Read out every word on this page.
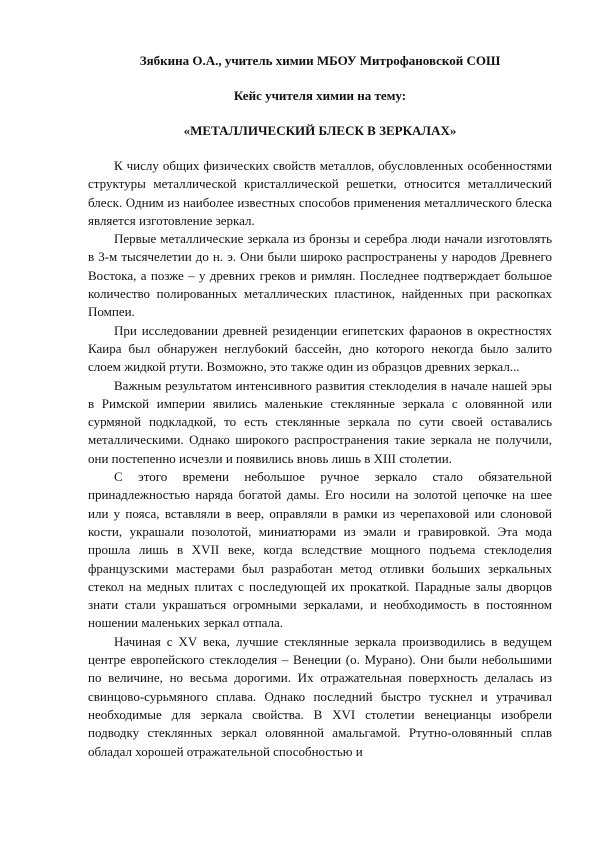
Зябкина О.А., учитель химии МБОУ Митрофановской СОШ

Кейс учителя химии на тему:

«МЕТАЛЛИЧЕСКИЙ БЛЕСК В ЗЕРКАЛАХ»

К числу общих физических свойств металлов, обусловленных особенностями структуры металлической кристаллической решетки, относится металлический блеск. Одним из наиболее известных способов применения металлического блеска является изготовление зеркал.

Первые металлические зеркала из бронзы и серебра люди начали изготовлять в 3-м тысячелетии до н. э. Они были широко распространены у народов Древнего Востока, а позже – у древних греков и римлян. Последнее подтверждает большое количество полированных металлических пластинок, найденных при раскопках Помпеи.

При исследовании древней резиденции египетских фараонов в окрестностях Каира был обнаружен неглубокий бассейн, дно которого некогда было залито слоем жидкой ртути. Возможно, это также один из образцов древних зеркал...

Важным результатом интенсивного развития стеклоделия в начале нашей эры в Римской империи явились маленькие стеклянные зеркала с оловянной или сурмяной подкладкой, то есть стеклянные зеркала по сути своей оставались металлическими. Однако широкого распространения такие зеркала не получили, они постепенно исчезли и появились вновь лишь в XIII столетии.

С этого времени небольшое ручное зеркало стало обязательной принадлежностью наряда богатой дамы. Его носили на золотой цепочке на шее или у пояса, вставляли в веер, оправляли в рамки из черепаховой или слоновой кости, украшали позолотой, миниатюрами из эмали и гравировкой. Эта мода прошла лишь в XVII веке, когда вследствие мощного подъема стеклоделия французскими мастерами был разработан метод отливки больших зеркальных стекол на медных плитах с последующей их прокаткой. Парадные залы дворцов знати стали украшаться огромными зеркалами, и необходимость в постоянном ношении маленьких зеркал отпала.

Начиная с XV века, лучшие стеклянные зеркала производились в ведущем центре европейского стеклоделия – Венеции (о. Мурано). Они были небольшими по величине, но весьма дорогими. Их отражательная поверхность делалась из свинцово-сурьмяного сплава. Однако последний быстро тускнел и утрачивал необходимые для зеркала свойства. В XVI столетии венецианцы изобрели подводку стеклянных зеркал оловянной амальгамой. Ртутно-оловянный сплав обладал хорошей отражательной способностью и
